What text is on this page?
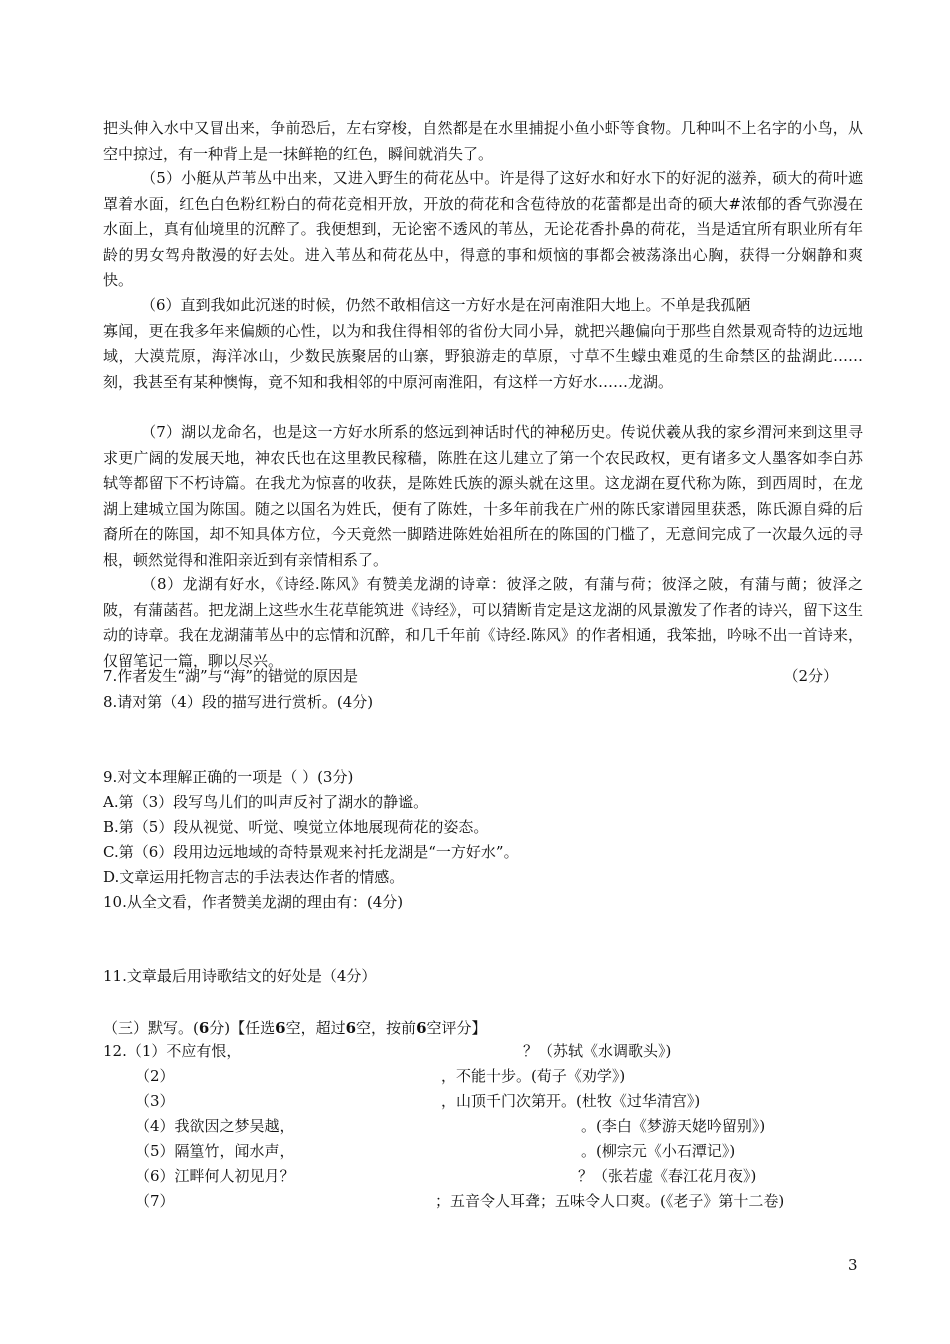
把头伸入水中又冒出来，争前恐后，左右穿梭，自然都是在水里捕捉小鱼小虾等食物。几种叫不上名字的小鸟，从空中掠过，有一种背上是一抹鲜艳的红色，瞬间就消失了。

（5）小艇从芦苇丛中出来，又进入野生的荷花丛中。许是得了这好水和好水下的好泥的滋养，硕大的荷叶遮罩着水面，红色白色粉红粉白的荷花竞相开放，开放的荷花和含苞待放的花蕾都是出奇的硕大#浓郁的香气弥漫在水面上，真有仙境里的沉醉了。我便想到，无论密不透风的苇丛，无论花香扑鼻的荷花，当是适宜所有职业所有年龄的男女驾舟散漫的好去处。进入苇丛和荷花丛中，得意的事和烦恼的事都会被荡涤出心胸，获得一分娴静和爽快。

（6）直到我如此沉迷的时候，仍然不敢相信这一方好水是在河南淮阳大地上。不单是我孤陋
寡闻，更在我多年来偏颇的心性，以为和我住得相邻的省份大同小异，就把兴趣偏向于那些自然景观奇特的边远地域，大漠荒原，海洋冰山，少数民族聚居的山寨，野狼游走的草原，寸草不生蠓虫难觅的生命禁区的盐湖此……刻，我甚至有某种懊悔，竟不知和我相邻的中原河南淮阳，有这样一方好水……龙湖。

（7）湖以龙命名，也是这一方好水所系的悠远到神话时代的神秘历史。传说伏羲从我的家乡渭河来到这里寻求更广阔的发展天地，神农氏也在这里教民稼穑，陈胜在这儿建立了第一个农民政权，更有诸多文人墨客如李白苏轼等都留下不朽诗篇。在我尤为惊喜的收获，是陈姓氏族的源头就在这里。这龙湖在夏代称为陈，到西周时，在龙湖上建城立国为陈国。随之以国名为姓氏，便有了陈姓，十多年前我在广州的陈氏家谱园里获悉，陈氏源自舜的后裔所在的陈国，却不知具体方位，今天竟然一脚踏进陈姓始祖所在的陈国的门槛了，无意间完成了一次最久远的寻根，顿然觉得和淮阳亲近到有亲情相系了。

（8）龙湖有好水，《诗经.陈风》有赞美龙湖的诗章：彼泽之陂，有蒲与荷；彼泽之陂，有蒲与蕳；彼泽之陂，有蒲菡萏。把龙湖上这些水生花草能筑进《诗经》，可以猜断肯定是这龙湖的风景激发了作者的诗兴，留下这生动的诗章。我在龙湖蒲苇丛中的忘情和沉醉，和几千年前《诗经.陈风》的作者相通，我笨拙，吟咏不出一首诗来，仅留笔记一篇，聊以尽兴。

7.作者发生“湖”与“海”的错觉的原因是	（2分）
8.请对第（4）段的描写进行赏析。(4分)
9.对文本理解正确的一项是（ ）(3分)
A.第（3）段写鸟儿们的叫声反衬了湖水的静谧。
B.第（5）段从视觉、听觉、嗅觉立体地展现荷花的姿态。
C.第（6）段用边远地域的奇特景观来衬托龙湖是“一方好水”。
D.文章运用托物言志的手法表达作者的情感。
10.从全文看，作者赞美龙湖的理由有：(4分)
11.文章最后用诗歌结文的好处是（4分）
（三）默写。(6分)【任选6空，超过6空，按前6空评分】
12.（1）不应有恨，	？（苏轼《水调歌头》)
（2）	，不能十步。(荀子《劝学》)
（3）	，山顶千门次第开。(杜牧《过华清宫》)
（4）我欲因之梦吴越，	。(李白《梦游天姥吟留别》)
（5）隔篁竹，闻水声，	。(柳宗元《小石潭记》)
（6）江畔何人初见月？	？（张若虚《春江花月夜》)
（7）	；五音令人耳聋；五味令人口爽。(《老子》第十二卷)
3
